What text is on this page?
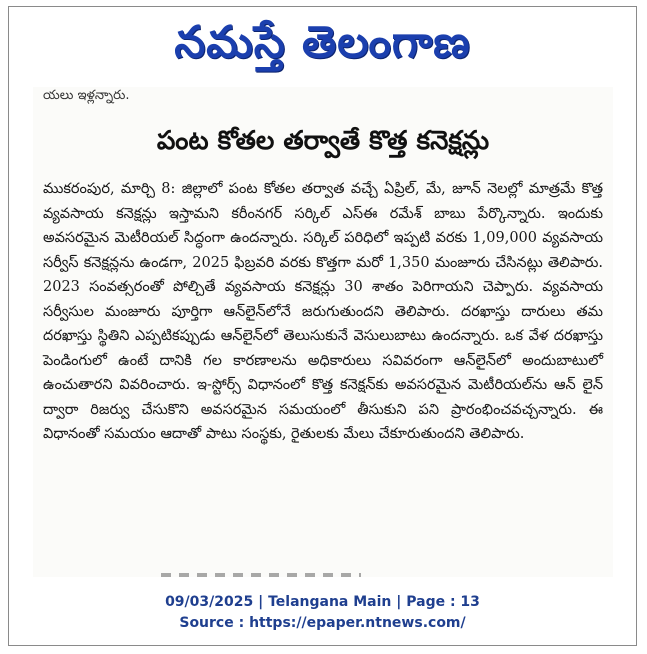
నమస్తే తెలంగాణ
యలు ఇళ్లన్నారు.
పంట కోతల తర్వాతే కొత్త కనెక్షన్లు
ముకరంపుర, మార్చి 8: జిల్లాలో పంట కోతల తర్వాత వచ్చే ఏప్రిల్, మే, జూన్ నెలల్లో మాత్రమే కొత్త వ్యవసాయ కనెక్షన్లు ఇస్తామని కరీంనగర్ సర్కిల్ ఎస్ఈ రమేశ్ బాబు పేర్కొన్నారు. ఇందుకు అవసరమైన మెటీరియల్ సిద్ధంగా ఉందన్నారు. సర్కిల్ పరిధిలో ఇప్పటి వరకు 1,09,000 వ్యవసాయ సర్వీస్ కనెక్షన్లను ఉండగా, 2025 ఫిబ్రవరి వరకు కొత్తగా మరో 1,350 మంజూరు చేసినట్లు తెలిపారు. 2023 సంవత్సరంతో పోల్చితే వ్యవసాయ కనెక్షన్లు 30 శాతం పెరిగాయని చెప్పారు. వ్యవసాయ సర్వీసుల మంజూరు పూర్తిగా ఆన్‌లైన్‌లోనే జరుగుతుందని తెలిపారు. దరఖాస్తు దారులు తమ దరఖాస్తు స్థితిని ఎప్పటికప్పుడు ఆన్‌లైన్‌లో తెలుసుకునే వెసులుబాటు ఉందన్నారు. ఒక వేళ దరఖాస్తు పెండింగులో ఉంటే దానికి గల కారణాలను అధికారులు సవివరంగా ఆన్‌లైన్‌లో అందుబాటులో ఉంచుతారని వివరించారు. ఇ-స్టోర్స్ విధానంలో కొత్త కనెక్షన్‌కు అవసరమైన మెటీరియల్‌ను ఆన్ లైన్ ద్వారా రిజర్వు చేసుకొని అవసరమైన సమయంలో తీసుకుని పని ప్రారంభించవచ్చన్నారు. ఈ విధానంతో సమయం ఆదాతో పాటు సంస్థకు, రైతులకు మేలు చేకూరుతుందని తెలిపారు.
09/03/2025 | Telangana Main | Page : 13
Source : https://epaper.ntnews.com/
